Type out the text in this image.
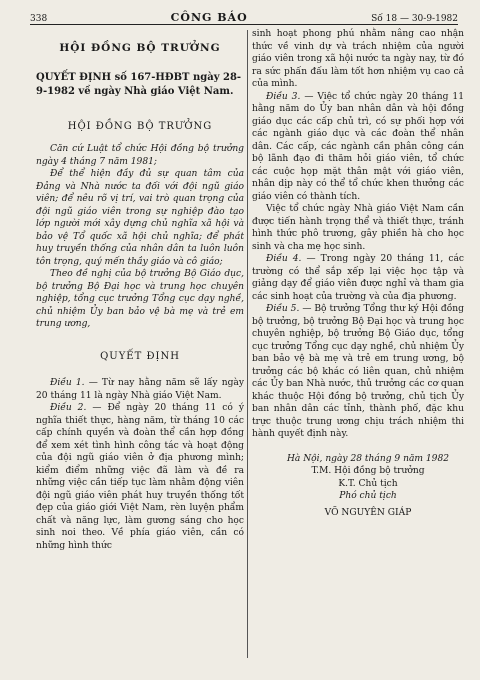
338	CÔNG BÁO	Số 18 — 30-9-1982
HỘI ĐỒNG BỘ TRƯỞNG
QUYẾT ĐỊNH số 167-HĐBT ngày 28-9-1982 về ngày Nhà giáo Việt Nam.
HỘI ĐỒNG BỘ TRƯỞNG

Căn cứ Luật tổ chức Hội đồng bộ trưởng ngày 4 tháng 7 năm 1981;

Để thể hiện đầy đủ sự quan tâm của Đảng và Nhà nước ta đối với đội ngũ giáo viên; để nêu rõ vị trí, vai trò quan trọng của đội ngũ giáo viên trong sự nghiệp đào tạo lớp người mới xây dựng chủ nghĩa xã hội và bảo vệ Tổ quốc xã hội chủ nghĩa; để phát huy truyền thống của nhân dân ta luôn luôn tôn trọng, quý mến thầy giáo và cô giáo;

Theo đề nghị của bộ trưởng Bộ Giáo dục, bộ trưởng Bộ Đại học và trung học chuyên nghiệp, tổng cục trưởng Tổng cục dạy nghề, chủ nhiệm Ủy ban bảo vệ bà mẹ và trẻ em trung ương,

QUYẾT ĐỊNH

Điều 1. — Từ nay hằng năm sẽ lấy ngày 20 tháng 11 là ngày Nhà giáo Việt Nam.

Điều 2. — Để ngày 20 tháng 11 có ý nghĩa thiết thực, hàng năm, từ tháng 10 các cấp chính quyền và đoàn thể cần hợp đồng để xem xét tình hình công tác và hoạt động của đội ngũ giáo viên ở địa phương mình; kiểm điểm những việc đã làm và đề ra những việc cần tiếp tục làm nhằm động viên đội ngũ giáo viên phát huy truyền thống tốt đẹp của giáo giới Việt Nam, rèn luyện phẩm chất và năng lực, làm gương sáng cho học sinh noi theo. Về phía giáo viên, cần có những hình thức

sinh hoạt phong phú nhằm nâng cao nhận thức về vinh dự và trách nhiệm của người giáo viên trong xã hội nước ta ngày nay, từ đó ra sức phấn đấu làm tốt hơn nhiệm vụ cao cả của mình.

Điều 3. — Việc tổ chức ngày 20 tháng 11 hằng năm do Ủy ban nhân dân và hội đồng giáo dục các cấp chủ trì, có sự phối hợp với các ngành giáo dục và các đoàn thể nhân dân. Các cấp, các ngành cần phân công cán bộ lãnh đạo đi thăm hỏi giáo viên, tổ chức các cuộc họp mặt thân mật với giáo viên, nhân dịp này có thể tổ chức khen thưởng các giáo viên có thành tích.

Việc tổ chức ngày Nhà giáo Việt Nam cần được tiến hành trọng thể và thiết thực, tránh hình thức phô trương, gây phiền hà cho học sinh và cha mẹ học sinh.

Điều 4. — Trong ngày 20 tháng 11, các trường có thể sắp xếp lại việc học tập và giảng dạy để giáo viên được nghỉ và tham gia các sinh hoạt của trường và của địa phương.

Điều 5. — Bộ trưởng Tổng thư ký Hội đồng bộ trưởng, bộ trưởng Bộ Đại học và trung học chuyên nghiệp, bộ trưởng Bộ Giáo dục, tổng cục trưởng Tổng cục dạy nghề, chủ nhiệm Ủy ban bảo vệ bà mẹ và trẻ em trung ương, bộ trưởng các bộ khác có liên quan, chủ nhiệm các Ủy ban Nhà nước, thủ trưởng các cơ quan khác thuộc Hội đồng bộ trưởng, chủ tịch Ủy ban nhân dân các tỉnh, thành phố, đặc khu trực thuộc trung ương chịu trách nhiệm thi hành quyết định này.

Hà Nội, ngày 28 tháng 9 năm 1982

T.M. Hội đồng bộ trưởng

K.T. Chủ tịch

Phó chủ tịch

VÕ NGUYÊN GIÁP
